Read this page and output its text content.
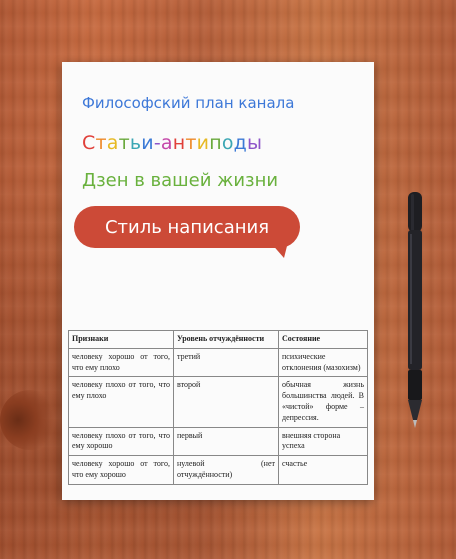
Философский план канала
Статьи-антиподы
Дзен в вашей жизни
Стиль написания
Признаки	Уровень отчуждённости	Состояние
человеку хорошо от того, что ему плохо	третий	психические отклонения (мазохизм)
человеку плохо от того, что ему плохо	второй	обычная жизнь большинства людей. В «чистой» форме – депрессия.
человеку плохо от того, что ему хорошо	первый	внешняя сторона успеха
человеку хорошо от того, что ему хорошо	нулевой (нет отчуждённости)	счастье
